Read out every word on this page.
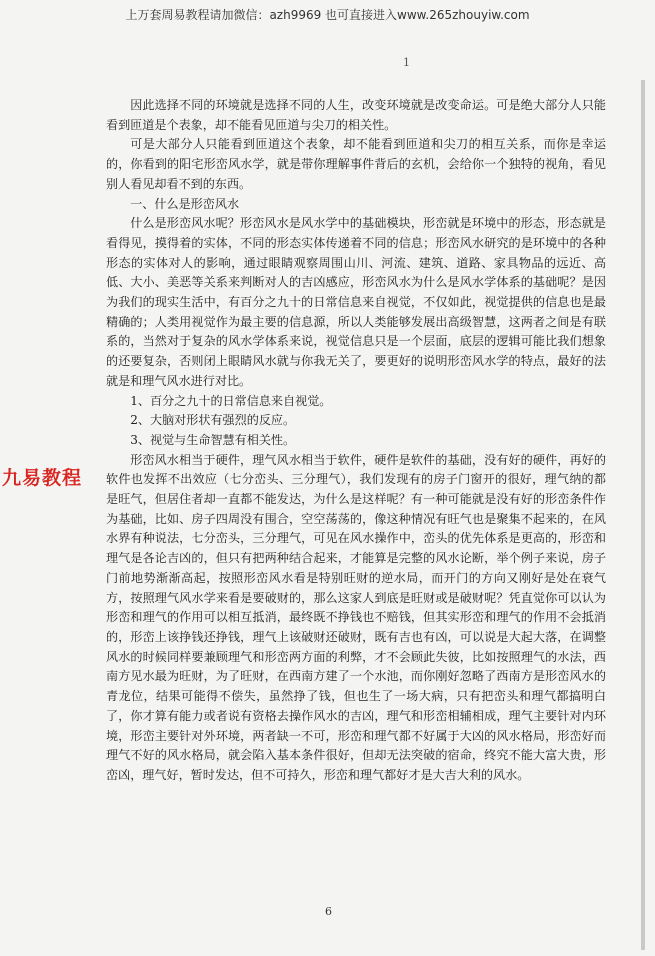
上万套周易教程请加微信：azh9969 也可直接进入www.265zhouyiw.com
1

因此选择不同的环境就是选择不同的人生，改变环境就是改变命运。可是绝大部分人只能看到匝道是个表象，却不能看见匝道与尖刀的相关性。

可是大部分人只能看到匝道这个表象，却不能看到匝道和尖刀的相互关系，而你是幸运的，你看到的阳宅形峦风水学，就是带你理解事件背后的玄机，会给你一个独特的视角，看见别人看见却看不到的东西。

一、什么是形峦风水

什么是形峦风水呢？形峦风水是风水学中的基础模块，形峦就是环境中的形态，形态就是看得见，摸得着的实体，不同的形态实体传递着不同的信息；形峦风水研究的是环境中的各种形态的实体对人的影响，通过眼睛观察周围山川、河流、建筑、道路、家具物品的远近、高低、大小、美恶等关系来判断对人的吉凶感应，形峦风水为什么是风水学体系的基础呢？是因为我们的现实生活中，有百分之九十的日常信息来自视觉，不仅如此，视觉提供的信息也是最精确的；人类用视觉作为最主要的信息源，所以人类能够发展出高级智慧，这两者之间是有联系的，当然对于复杂的风水学体系来说，视觉信息只是一个层面，底层的逻辑可能比我们想象的还要复杂，否则闭上眼睛风水就与你我无关了，要更好的说明形峦风水学的特点，最好的法就是和理气风水进行对比。

1、百分之九十的日常信息来自视觉。

2、大脑对形状有强烈的反应。

3、视觉与生命智慧有相关性。

形峦风水相当于硬件，理气风水相当于软件，硬件是软件的基础，没有好的硬件，再好的软件也发挥不出效应（七分峦头、三分理气），我们发现有的房子门窗开的很好，理气纳的都是旺气，但居住者却一直都不能发达，为什么是这样呢？有一种可能就是没有好的形峦条件作为基础，比如、房子四周没有围合，空空荡荡的，像这种情况有旺气也是聚集不起来的，在风水界有种说法，七分峦头，三分理气，可见在风水操作中，峦头的优先体系是更高的，形峦和理气是各论吉凶的，但只有把两种结合起来，才能算是完整的风水论断，举个例子来说，房子门前地势渐渐高起，按照形峦风水看是特别旺财的逆水局，而开门的方向又刚好是处在衰气方，按照理气风水学来看是要破财的，那么这家人到底是旺财或是破财呢？凭直觉你可以认为形峦和理气的作用可以相互抵消，最终既不挣钱也不赔钱，但其实形峦和理气的作用不会抵消的，形峦上该挣钱还挣钱，理气上该破财还破财，既有吉也有凶，可以说是大起大落，在调整风水的时候同样要兼顾理气和形峦两方面的利弊，才不会顾此失彼，比如按照理气的水法，西南方见水最为旺财，为了旺财，在西南方建了一个水池，而你刚好忽略了西南方是形峦风水的青龙位，结果可能得不偿失，虽然挣了钱，但也生了一场大病，只有把峦头和理气都搞明白了，你才算有能力或者说有资格去操作风水的吉凶，理气和形峦相辅相成，理气主要针对内环境，形峦主要针对外环境，两者缺一不可，形峦和理气都不好属于大凶的风水格局，形峦好而理气不好的风水格局，就会陷入基本条件很好，但却无法突破的宿命，终究不能大富大贵，形峦凶，理气好，暂时发达，但不可持久，形峦和理气都好才是大吉大利的风水。

九易教程
6
